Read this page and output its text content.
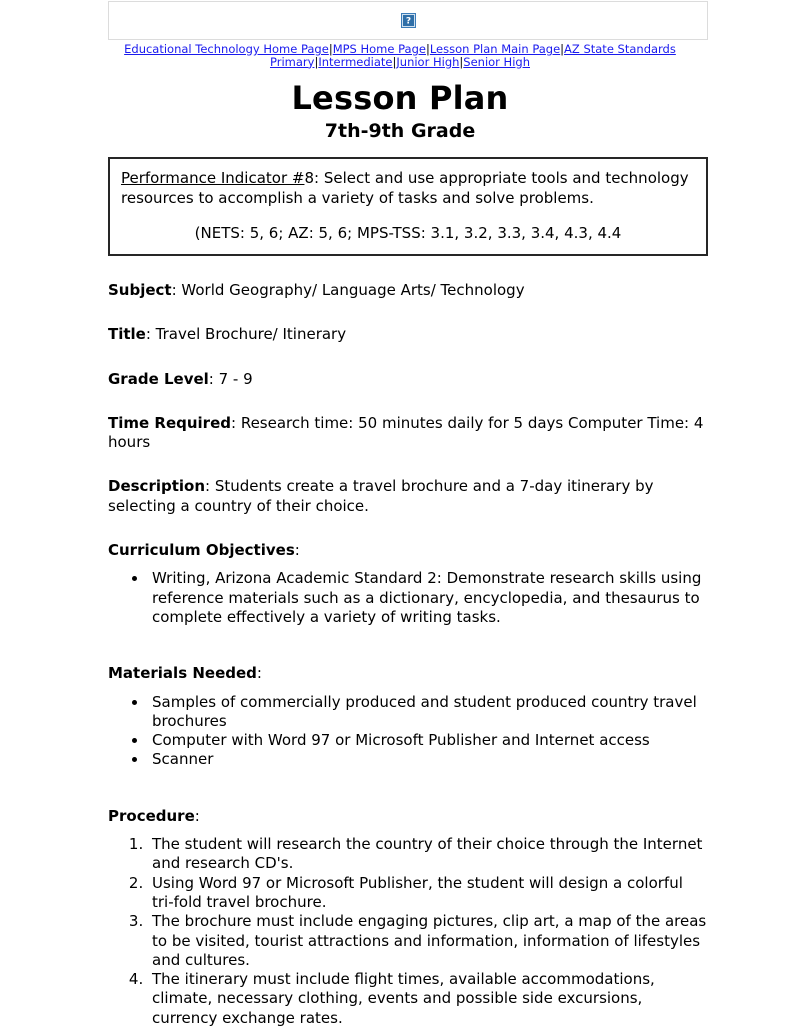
?
Educational Technology Home Page|MPS Home Page|Lesson Plan Main Page|AZ State Standards
Primary|Intermediate|Junior High|Senior High
Lesson Plan
7th-9th Grade

Performance Indicator #8: Select and use appropriate tools and technology resources to accomplish a variety of tasks and solve problems.

(NETS: 5, 6; AZ: 5, 6; MPS-TSS: 3.1, 3.2, 3.3, 3.4, 4.3, 4.4

Subject: World Geography/ Language Arts/ Technology

Title: Travel Brochure/ Itinerary

Grade Level: 7 - 9

Time Required: Research time: 50 minutes daily for 5 days Computer Time: 4 hours

Description: Students create a travel brochure and a 7-day itinerary by selecting a country of their choice.

Curriculum Objectives:

• Writing, Arizona Academic Standard 2: Demonstrate research skills using reference materials such as a dictionary, encyclopedia, and thesaurus to complete effectively a variety of writing tasks.

Materials Needed:

• Samples of commercially produced and student produced country travel brochures
• Computer with Word 97 or Microsoft Publisher and Internet access
• Scanner

Procedure:

1. The student will research the country of their choice through the Internet and research CD's.
2. Using Word 97 or Microsoft Publisher, the student will design a colorful tri-fold travel brochure.
3. The brochure must include engaging pictures, clip art, a map of the areas to be visited, tourist attractions and information, information of lifestyles and cultures.
4. The itinerary must include flight times, available accommodations, climate, necessary clothing, events and possible side excursions, currency exchange rates.
